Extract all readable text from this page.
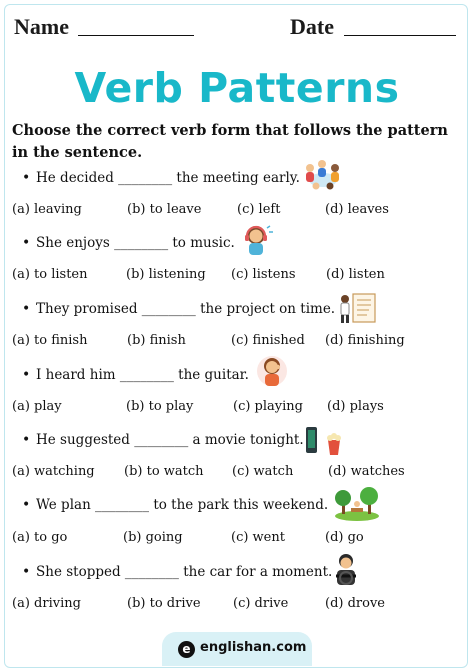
Name	Date
Verb Patterns
Choose the correct verb form that follows the pattern in the sentence.
• He decided ________ the meeting early.
(a) leaving	(b) to leave	(c) left	(d) leaves
• She enjoys ________ to music.
(a) to listen	(b) listening (c) listens (d) listen
• They promised ________ the project on time.
(a) to finish	(b) finish	(c) finished (d) finishing
• I heard him ________ the guitar.
(a) play	(b) to play	(c) playing (d) plays
• He suggested ________ a movie tonight.
(a) watching (b) to watch (c) watch	(d) watches
• We plan ________ to the park this weekend.
(a) to go	(b) going	(c) went	(d) go
• She stopped ________ the car for a moment.
(a) driving	(b) to drive (c) drive	(d) drove
e englishan.com
